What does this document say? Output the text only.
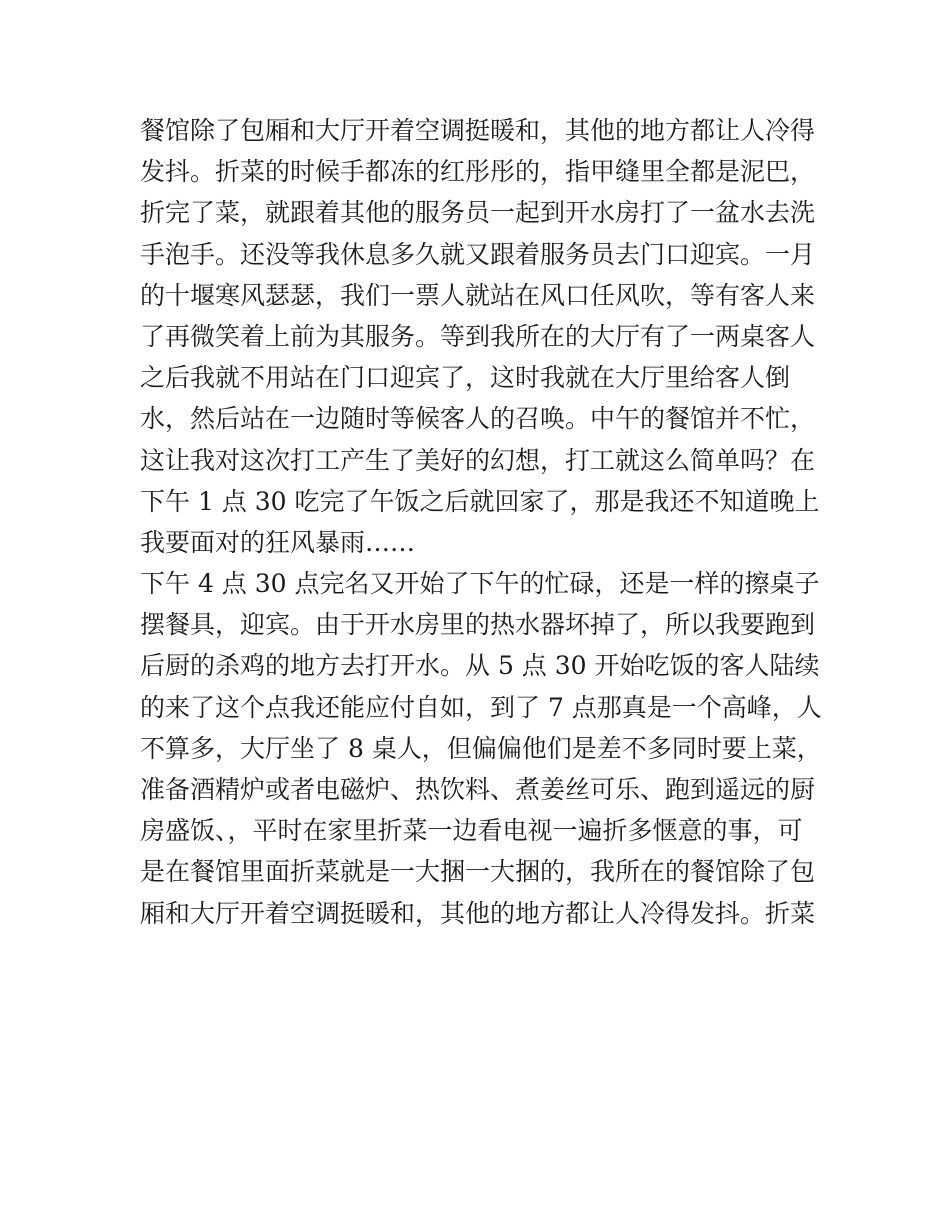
餐馆除了包厢和大厅开着空调挺暖和，其他的地方都让人冷得
发抖。折菜的时候手都冻的红彤彤的，指甲缝里全都是泥巴，
折完了菜，就跟着其他的服务员一起到开水房打了一盆水去洗
手泡手。还没等我休息多久就又跟着服务员去门口迎宾。一月
的十堰寒风瑟瑟，我们一票人就站在风口任风吹，等有客人来
了再微笑着上前为其服务。等到我所在的大厅有了一两桌客人
之后我就不用站在门口迎宾了，这时我就在大厅里给客人倒
水，然后站在一边随时等候客人的召唤。中午的餐馆并不忙，
这让我对这次打工产生了美好的幻想，打工就这么简单吗？在
下午 1 点 30 吃完了午饭之后就回家了，那是我还不知道晚上
我要面对的狂风暴雨……
下午 4 点 30 点完名又开始了下午的忙碌，还是一样的擦桌子
摆餐具，迎宾。由于开水房里的热水器坏掉了，所以我要跑到
后厨的杀鸡的地方去打开水。从 5 点 30 开始吃饭的客人陆续
的来了这个点我还能应付自如，到了 7 点那真是一个高峰，人
不算多，大厅坐了 8 桌人，但偏偏他们是差不多同时要上菜，
准备酒精炉或者电磁炉、热饮料、煮姜丝可乐、跑到遥远的厨
房盛饭、，平时在家里折菜一边看电视一遍折多惬意的事，可
是在餐馆里面折菜就是一大捆一大捆的，我所在的餐馆除了包
厢和大厅开着空调挺暖和，其他的地方都让人冷得发抖。折菜
